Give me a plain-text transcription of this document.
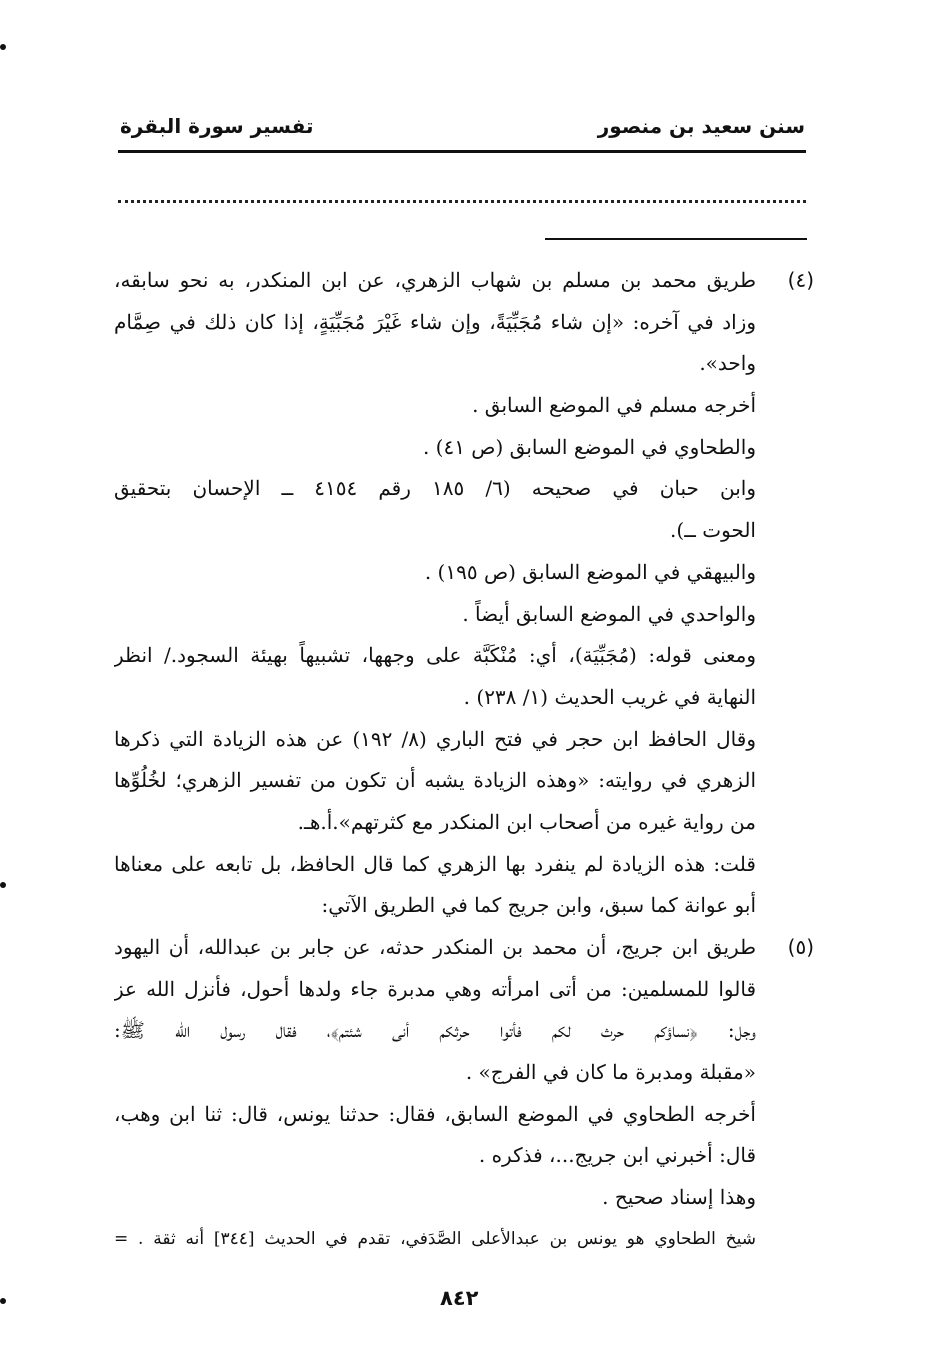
سنن سعيد بن منصور
تفسير سورة البقرة
(٤)طريق محمد بن مسلم بن شهاب الزهري، عن ابن المنكدر، به نحو سابقه،
وزاد في آخره: «إن شاء مُجَبِّيَةً، وإن شاء غَيْرَ مُجَبِّيَةٍ، إذا كان ذلك في صِمَّام
واحد».
أخرجه مسلم في الموضع السابق .
والطحاوي في الموضع السابق (ص ٤١) .
وابن حبان في صحيحه (٦/ ١٨٥ رقم ٤١٥٤ ــ الإحسان بتحقيق
الحوت ــ).
والبيهقي في الموضع السابق (ص ١٩٥) .
والواحدي في الموضع السابق أيضاً .
ومعنى قوله: (مُجَبِّيَة)، أي: مُنْكَبَّة على وجهها، تشبيهاً بهيئة السجود./ انظر
النهاية في غريب الحديث (١/ ٢٣٨) .
وقال الحافظ ابن حجر في فتح الباري (٨/ ١٩٢) عن هذه الزيادة التي ذكرها
الزهري في روايته: «وهذه الزيادة يشبه أن تكون من تفسير الزهري؛ لخُلُوِّها
من رواية غيره من أصحاب ابن المنكدر مع كثرتهم».أ.هـ.
قلت: هذه الزيادة لم ينفرد بها الزهري كما قال الحافظ، بل تابعه على معناها
أبو عوانة كما سبق، وابن جريج كما في الطريق الآتي:
(٥)طريق ابن جريج، أن محمد بن المنكدر حدثه، عن جابر بن عبدالله، أن اليهود
قالوا للمسلمين: من أتى امرأته وهي مدبرة جاء ولدها أحول، فأنزل الله عز
وجل: ﴿نساؤكم حرث لكم فأتوا حرثكم أنى شئتم﴾، فقال رسول الله ﷺ:
«مقبلة ومدبرة ما كان في الفرج» .
أخرجه الطحاوي في الموضع السابق، فقال: حدثنا يونس، قال: ثنا ابن وهب،
قال: أخبرني ابن جريج...، فذكره .
وهذا إسناد صحيح .
شيخ الطحاوي هو يونس بن عبدالأعلى الصَّدَفي، تقدم في الحديث [٣٤٤] أنه ثقة . =
٨٤٢
